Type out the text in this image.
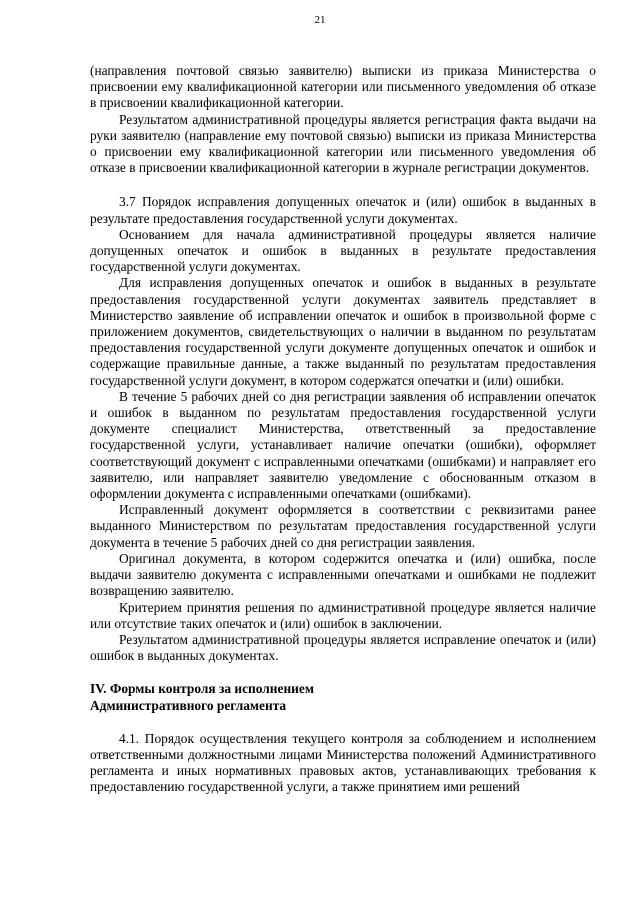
21

(направления почтовой связью заявителю) выписки из приказа Министерства о присвоении ему квалификационной категории или письменного уведомления об отказе в присвоении квалификационной категории.

Результатом административной процедуры является регистрация факта выдачи на руки заявителю (направление ему почтовой связью) выписки из приказа Министерства о присвоении ему квалификационной категории или письменного уведомления об отказе в присвоении квалификационной категории в журнале регистрации документов.

3.7 Порядок исправления допущенных опечаток и (или) ошибок в выданных в результате предоставления государственной услуги документах.

Основанием для начала административной процедуры является наличие допущенных опечаток и ошибок в выданных в результате предоставления государственной услуги документах.

Для исправления допущенных опечаток и ошибок в выданных в результате предоставления государственной услуги документах заявитель представляет в Министерство заявление об исправлении опечаток и ошибок в произвольной форме с приложением документов, свидетельствующих о наличии в выданном по результатам предоставления государственной услуги документе допущенных опечаток и ошибок и содержащие правильные данные, а также выданный по результатам предоставления государственной услуги документ, в котором содержатся опечатки и (или) ошибки.

В течение 5 рабочих дней со дня регистрации заявления об исправлении опечаток и ошибок в выданном по результатам предоставления государственной услуги документе специалист Министерства, ответственный за предоставление государственной услуги, устанавливает наличие опечатки (ошибки), оформляет соответствующий документ с исправленными опечатками (ошибками) и направляет его заявителю, или направляет заявителю уведомление с обоснованным отказом в оформлении документа с исправленными опечатками (ошибками).

Исправленный документ оформляется в соответствии с реквизитами ранее выданного Министерством по результатам предоставления государственной услуги документа в течение 5 рабочих дней со дня регистрации заявления.

Оригинал документа, в котором содержится опечатка и (или) ошибка, после выдачи заявителю документа с исправленными опечатками и ошибками не подлежит возвращению заявителю.

Критерием принятия решения по административной процедуре является наличие или отсутствие таких опечаток и (или) ошибок в заключении.

Результатом административной процедуры является исправление опечаток и (или) ошибок в выданных документах.

IV. Формы контроля за исполнением

Административного регламента

4.1. Порядок осуществления текущего контроля за соблюдением и исполнением ответственными должностными лицами Министерства положений Административного регламента и иных нормативных правовых актов, устанавливающих требования к предоставлению государственной услуги, а также принятием ими решений
